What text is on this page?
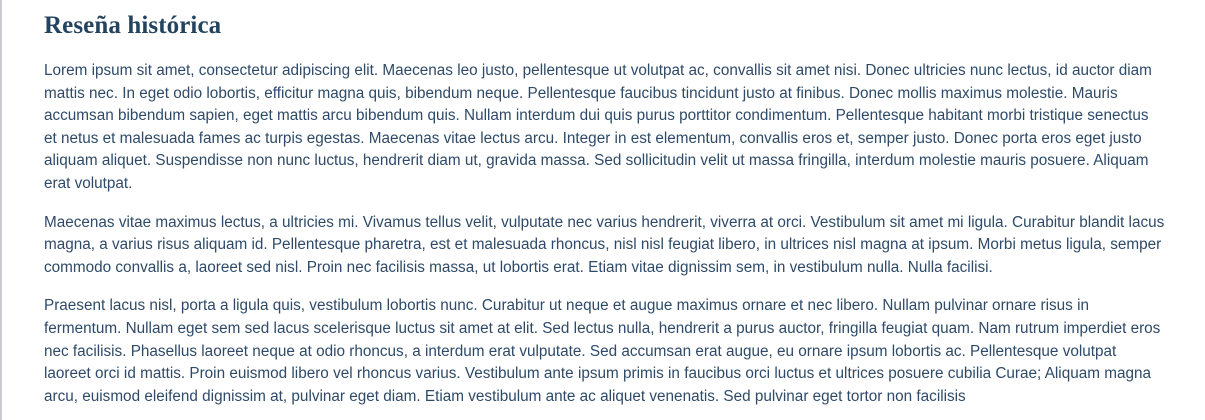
Reseña histórica

Lorem ipsum sit amet, consectetur adipiscing elit. Maecenas leo justo, pellentesque ut volutpat ac, convallis sit amet nisi. Donec ultricies nunc lectus, id auctor diam mattis nec. In eget odio lobortis, efficitur magna quis, bibendum neque. Pellentesque faucibus tincidunt justo at finibus. Donec mollis maximus molestie. Mauris accumsan bibendum sapien, eget mattis arcu bibendum quis. Nullam interdum dui quis purus porttitor condimentum. Pellentesque habitant morbi tristique senectus et netus et malesuada fames ac turpis egestas. Maecenas vitae lectus arcu. Integer in est elementum, convallis eros et, semper justo. Donec porta eros eget justo aliquam aliquet. Suspendisse non nunc luctus, hendrerit diam ut, gravida massa. Sed sollicitudin velit ut massa fringilla, interdum molestie mauris posuere. Aliquam erat volutpat.

Maecenas vitae maximus lectus, a ultricies mi. Vivamus tellus velit, vulputate nec varius hendrerit, viverra at orci. Vestibulum sit amet mi ligula. Curabitur blandit lacus magna, a varius risus aliquam id. Pellentesque pharetra, est et malesuada rhoncus, nisl nisl feugiat libero, in ultrices nisl magna at ipsum. Morbi metus ligula, semper commodo convallis a, laoreet sed nisl. Proin nec facilisis massa, ut lobortis erat. Etiam vitae dignissim sem, in vestibulum nulla. Nulla facilisi.

Praesent lacus nisl, porta a ligula quis, vestibulum lobortis nunc. Curabitur ut neque et augue maximus ornare et nec libero. Nullam pulvinar ornare risus in fermentum. Nullam eget sem sed lacus scelerisque luctus sit amet at elit. Sed lectus nulla, hendrerit a purus auctor, fringilla feugiat quam. Nam rutrum imperdiet eros nec facilisis. Phasellus laoreet neque at odio rhoncus, a interdum erat vulputate. Sed accumsan erat augue, eu ornare ipsum lobortis ac. Pellentesque volutpat laoreet orci id mattis. Proin euismod libero vel rhoncus varius. Vestibulum ante ipsum primis in faucibus orci luctus et ultrices posuere cubilia Curae; Aliquam magna arcu, euismod eleifend dignissim at, pulvinar eget diam. Etiam vestibulum ante ac aliquet venenatis. Sed pulvinar eget tortor non facilisis
